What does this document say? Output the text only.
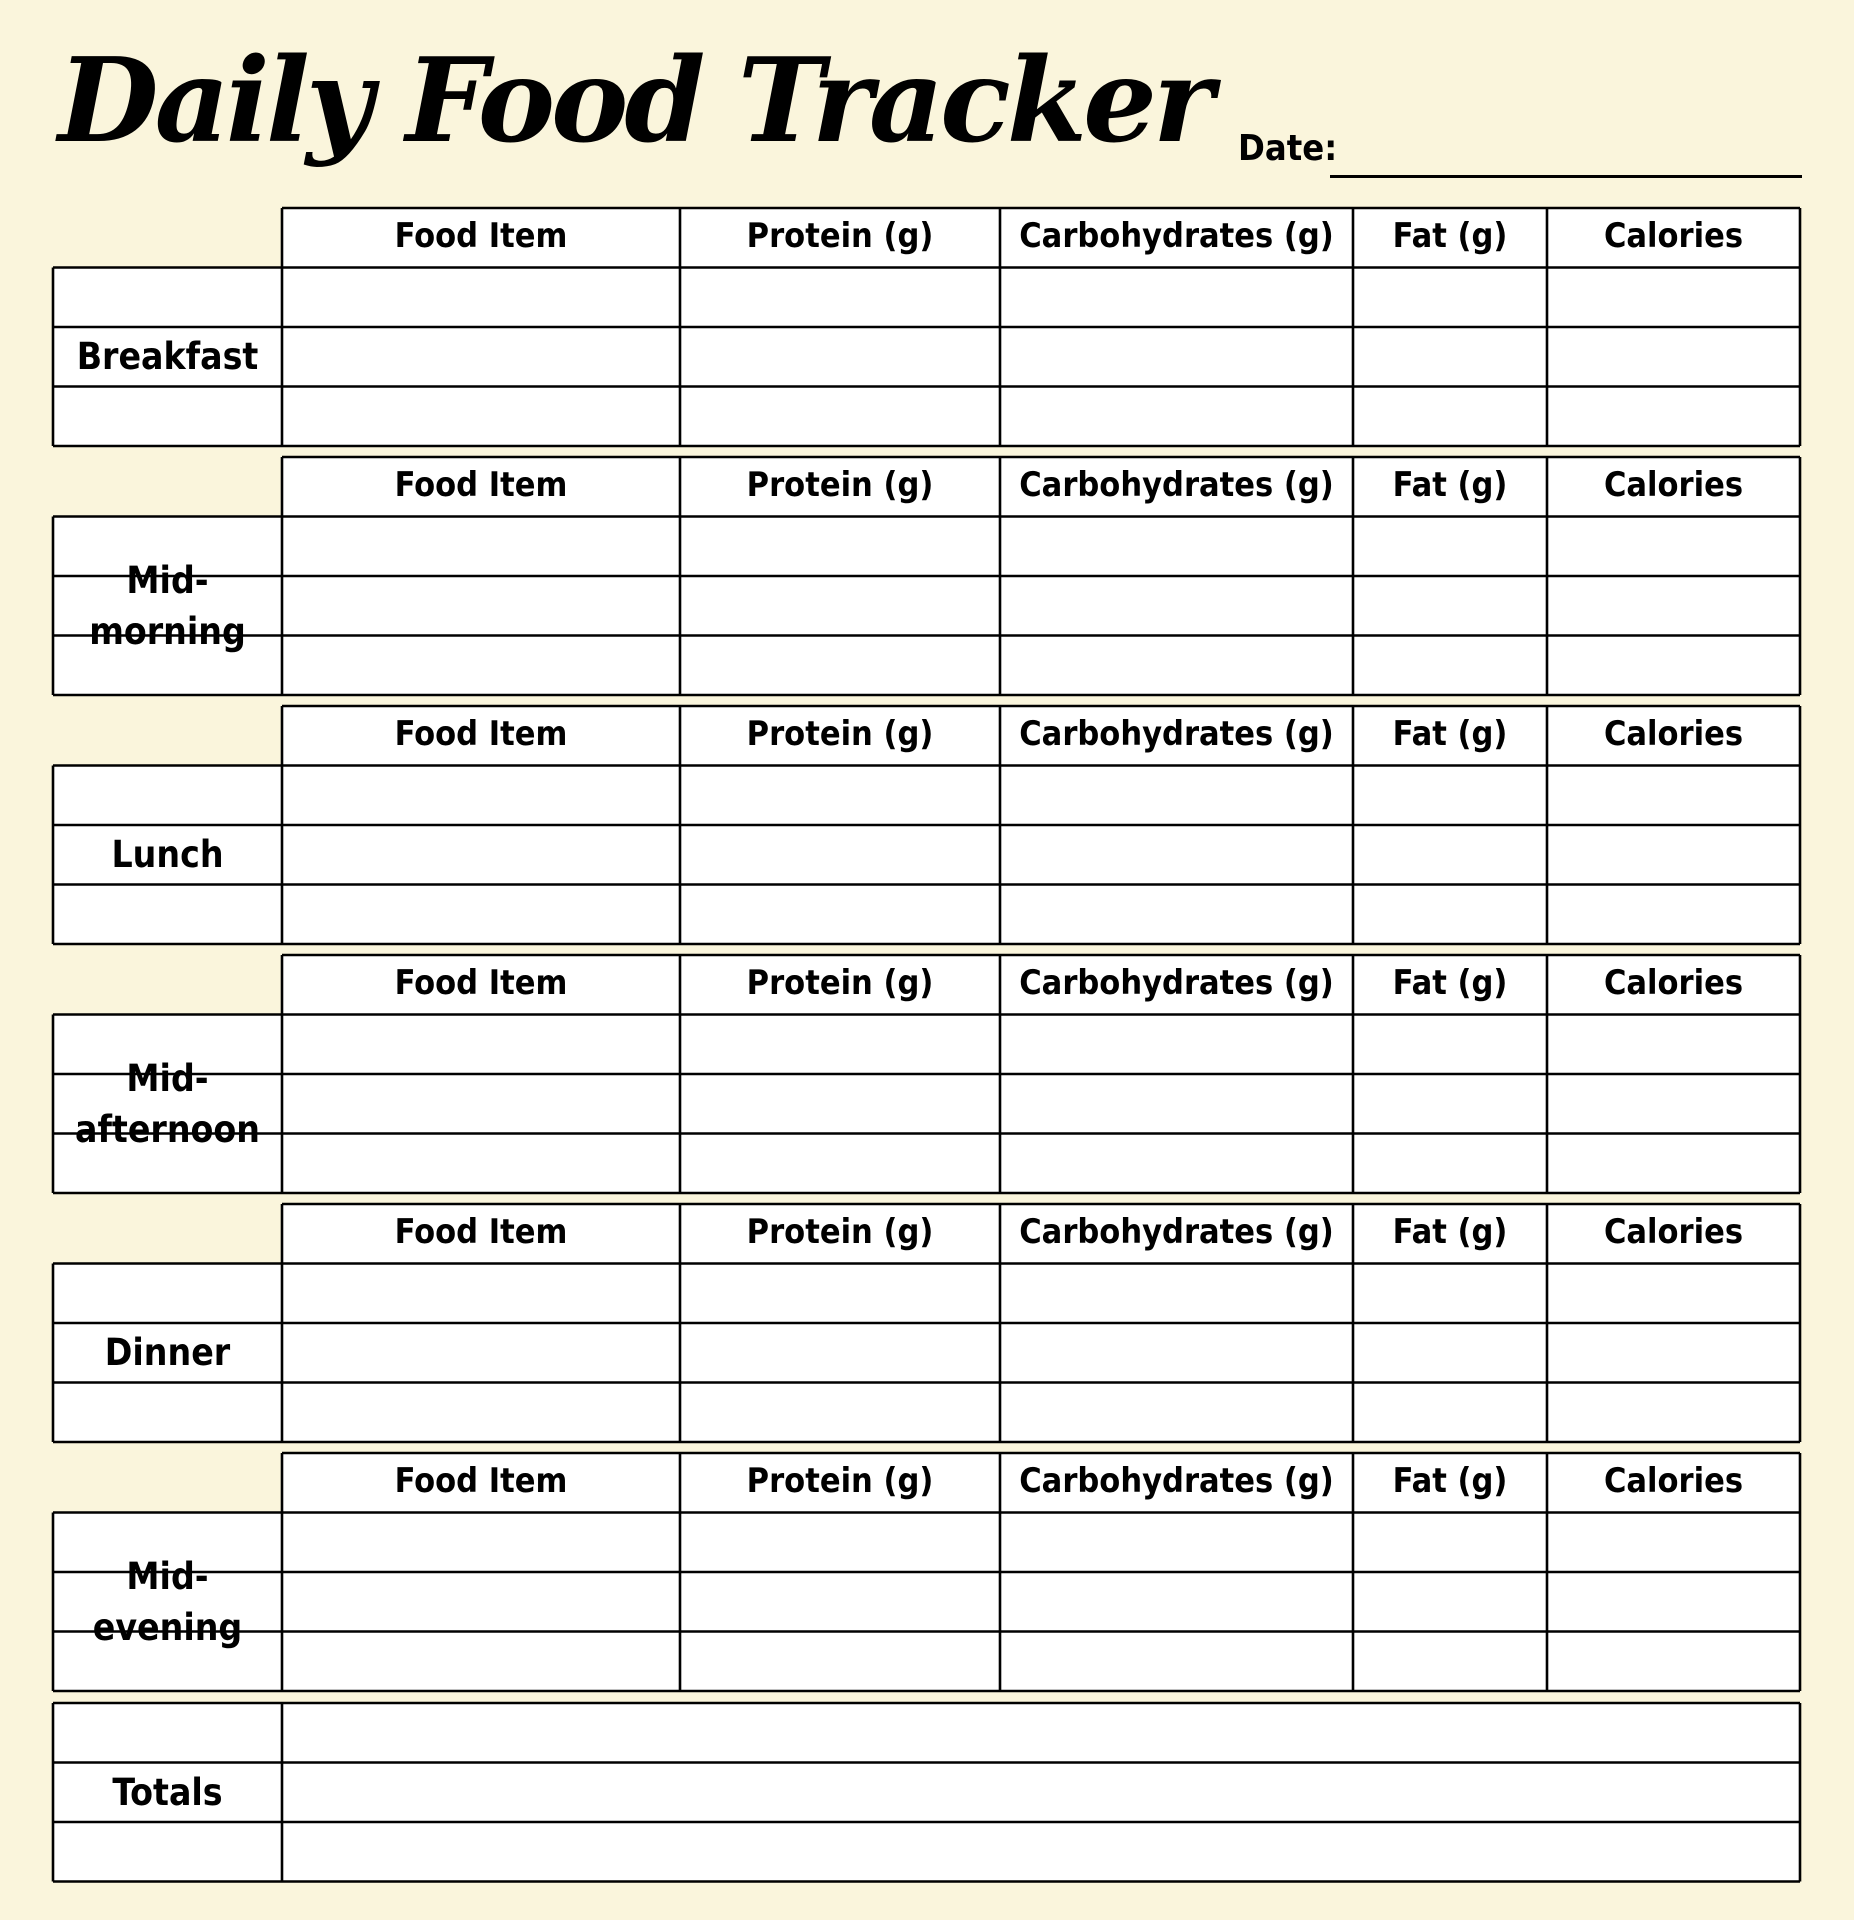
Daily Food Tracker Date:
Food Item	Protein (g)	Carbohydrates (g)	Fat (g)	Calories
Breakfast
Food Item	Protein (g)	Carbohydrates (g)	Fat (g)	Calories
Mid-
morning
Food Item	Protein (g)	Carbohydrates (g)	Fat (g)	Calories
Lunch
Food Item	Protein (g)	Carbohydrates (g)	Fat (g)	Calories
Mid-
afternoon
Food Item	Protein (g)	Carbohydrates (g)	Fat (g)	Calories
Dinner
Food Item	Protein (g)	Carbohydrates (g)	Fat (g)	Calories
Mid-
evening
Totals
